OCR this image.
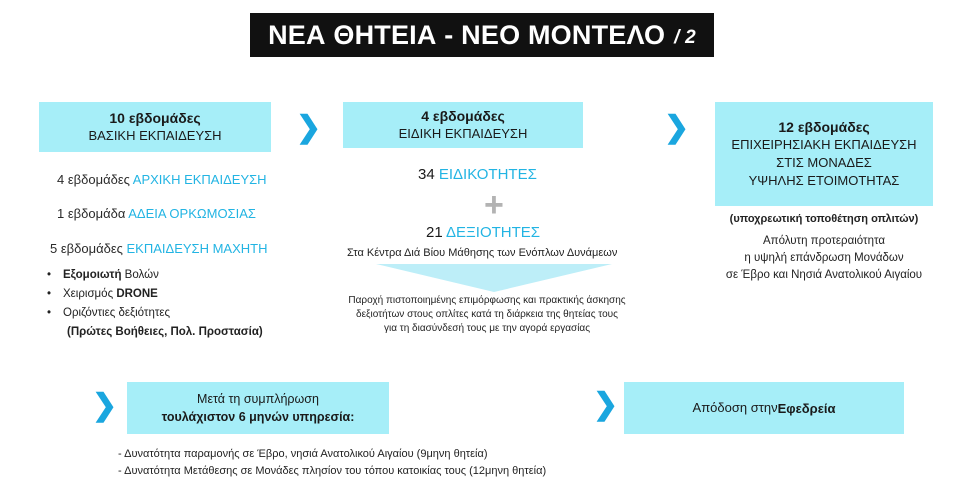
ΝΕΑ ΘΗΤΕΙΑ - ΝΕΟ ΜΟΝΤΕΛΟ / 2
10 εβδομάδες
ΒΑΣΙΚΗ ΕΚΠΑΙΔΕΥΣΗ ❯	4 εβδομάδες
ΕΙΔΙΚΗ ΕΚΠΑΙΔΕΥΣΗ	❯	12 εβδομάδες
ΕΠΙΧΕΙΡΗΣΙΑΚΗ ΕΚΠΑΙΔΕΥΣΗ
ΣΤΙΣ ΜΟΝΑΔΕΣ
ΥΨΗΛΗΣ ΕΤΟΙΜΟΤΗΤΑΣ
4 εβδομάδες ΑΡΧΙΚΗ ΕΚΠΑΙΔΕΥΣΗ
1 εβδομάδα ΑΔΕΙΑ ΟΡΚΩΜΟΣΙΑΣ
5 εβδομάδες ΕΚΠΑΙΔΕΥΣΗ ΜΑΧΗΤΗ
• Εξομοιωτή Βολών
• Χειρισμός DRONE
• Οριζόντιες δεξιότητες
(Πρώτες Βοήθειες, Πολ. Προστασία)
34 ΕΙΔΙΚΟΤΗΤΕΣ
+
21 ΔΕΞΙΟΤΗΤΕΣ
Στα Κέντρα Διά Βίου Μάθησης των Ενόπλων Δυνάμεων
Παροχή πιστοποιημένης επιμόρφωσης και πρακτικής άσκησης
δεξιοτήτων στους οπλίτες κατά τη διάρκεια της θητείας τους
για τη διασύνδεσή τους με την αγορά εργασίας
(υποχρεωτική τοποθέτηση οπλιτών)
Απόλυτη προτεραιότητα
η υψηλή επάνδρωση Μονάδων
σε Έβρο και Νησιά Ανατολικού Αιγαίου
❯	Μετά τη συμπλήρωση
τουλάχιστον 6 μηνών υπηρεσία:
- Δυνατότητα παραμονής σε Έβρο, νησιά Ανατολικού Αιγαίου (9μηνη θητεία)
- Δυνατότητα Μετάθεσης σε Μονάδες πλησίον του τόπου κατοικίας τους (12μηνη θητεία)
❯	Απόδοση στην Εφεδρεία
